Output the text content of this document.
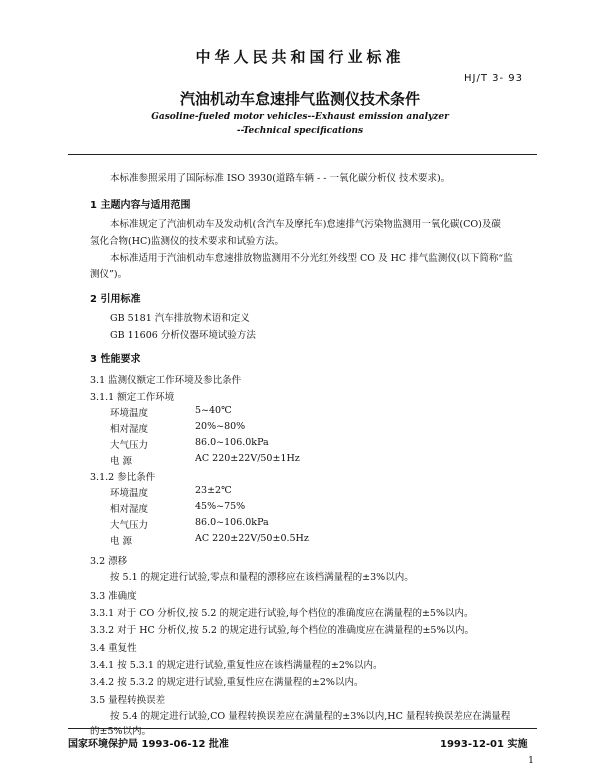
中华人民共和国行业标准
HJ/T 3- 93
汽油机动车怠速排气监测仪技术条件
Gasoline-fueled motor vehicles--Exhaust emission analyzer
--Technical specifications
本标准参照采用了国际标准 ISO 3930(道路车辆 - - 一氧化碳分析仪 技术要求)。
1 主题内容与适用范围
本标准规定了汽油机动车及发动机(含汽车及摩托车)怠速排气污染物监测用一氧化碳(CO)及碳
氢化合物(HC)监测仪的技术要求和试验方法。
本标准适用于汽油机动车怠速排放物监测用不分光红外线型 CO 及 HC 排气监测仪(以下简称“监
测仪”)。
2 引用标准
GB 5181 汽车排放物术语和定义
GB 11606 分析仪器环境试验方法
3 性能要求
3.1 监测仪额定工作环境及参比条件
3.1.1 额定工作环境
环境温度	5~40℃
相对湿度	20%~80%
大气压力	86.0~106.0kPa
电 源	AC 220±22V/50±1Hz
3.1.2 参比条件
环境温度	23±2℃
相对湿度	45%~75%
大气压力	86.0~106.0kPa
电 源	AC 220±22V/50±0.5Hz
3.2 漂移
按 5.1 的规定进行试验,零点和量程的漂移应在该档满量程的±3%以内。
3.3 准确度
3.3.1 对于 CO 分析仪,按 5.2 的规定进行试验,每个档位的准确度应在满量程的±5%以内。
3.3.2 对于 HC 分析仪,按 5.2 的规定进行试验,每个档位的准确度应在满量程的±5%以内。
3.4 重复性
3.4.1 按 5.3.1 的规定进行试验,重复性应在该档满量程的±2%以内。
3.4.2 按 5.3.2 的规定进行试验,重复性应在满量程的±2%以内。
3.5 量程转换误差
按 5.4 的规定进行试验,CO 量程转换误差应在满量程的±3%以内,HC 量程转换误差应在满量程
的±5%以内。
国家环境保护局 1993-06-12 批准	1993-12-01 实施
1
